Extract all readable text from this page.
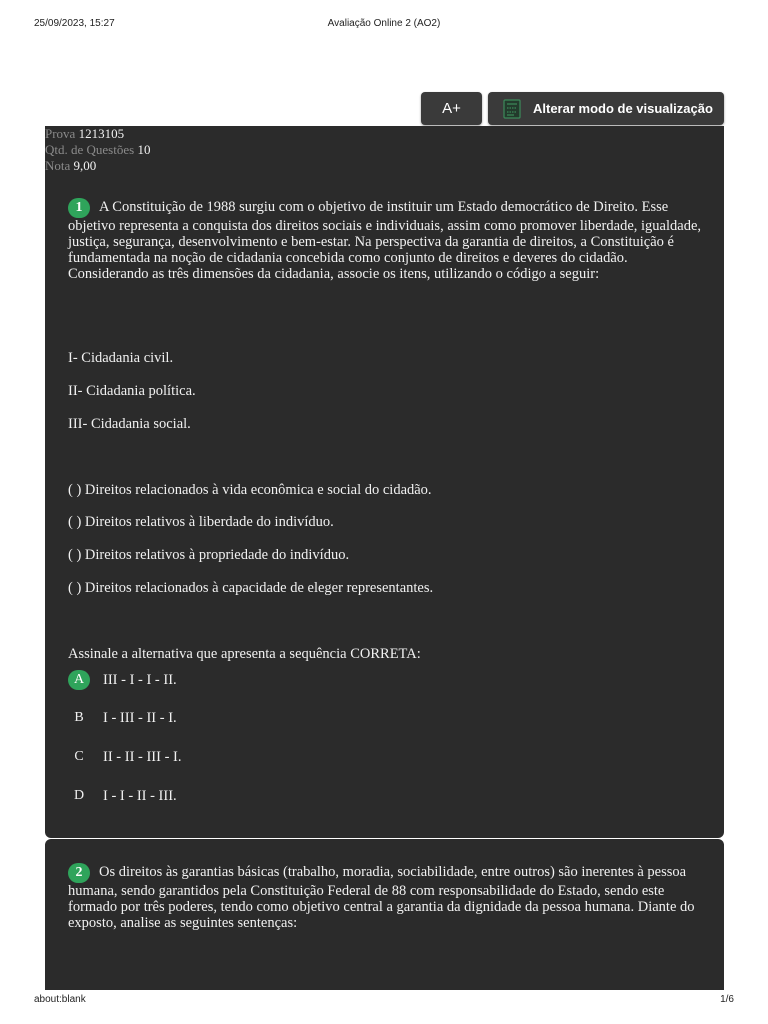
25/09/2023, 15:27	Avaliação Online 2 (AO2)
A+	Alterar modo de visualização
Prova 1213105
Qtd. de Questões 10
Nota 9,00

1 A Constituição de 1988 surgiu com o objetivo de instituir um Estado democrático de Direito. Esse objetivo representa a conquista dos direitos sociais e individuais, assim como promover liberdade, igualdade, justiça, segurança, desenvolvimento e bem-estar. Na perspectiva da garantia de direitos, a Constituição é fundamentada na noção de cidadania concebida como conjunto de direitos e deveres do cidadão. Considerando as três dimensões da cidadania, associe os itens, utilizando o código a seguir:

I- Cidadania civil.
II- Cidadania política.
III- Cidadania social.
( ) Direitos relacionados à vida econômica e social do cidadão.
( ) Direitos relativos à liberdade do indivíduo.
( ) Direitos relativos à propriedade do indivíduo.
( ) Direitos relacionados à capacidade de eleger representantes.
Assinale a alternativa que apresenta a sequência CORRETA:
A	III - I - I - II.
B	I - III - II - I.
C	II - II - III - I.
D	I - I - II - III.

2 Os direitos às garantias básicas (trabalho, moradia, sociabilidade, entre outros) são inerentes à pessoa humana, sendo garantidos pela Constituição Federal de 88 com responsabilidade do Estado, sendo este formado por três poderes, tendo como objetivo central a garantia da dignidade da pessoa humana. Diante do exposto, analise as seguintes sentenças:

about:blank	1/6
